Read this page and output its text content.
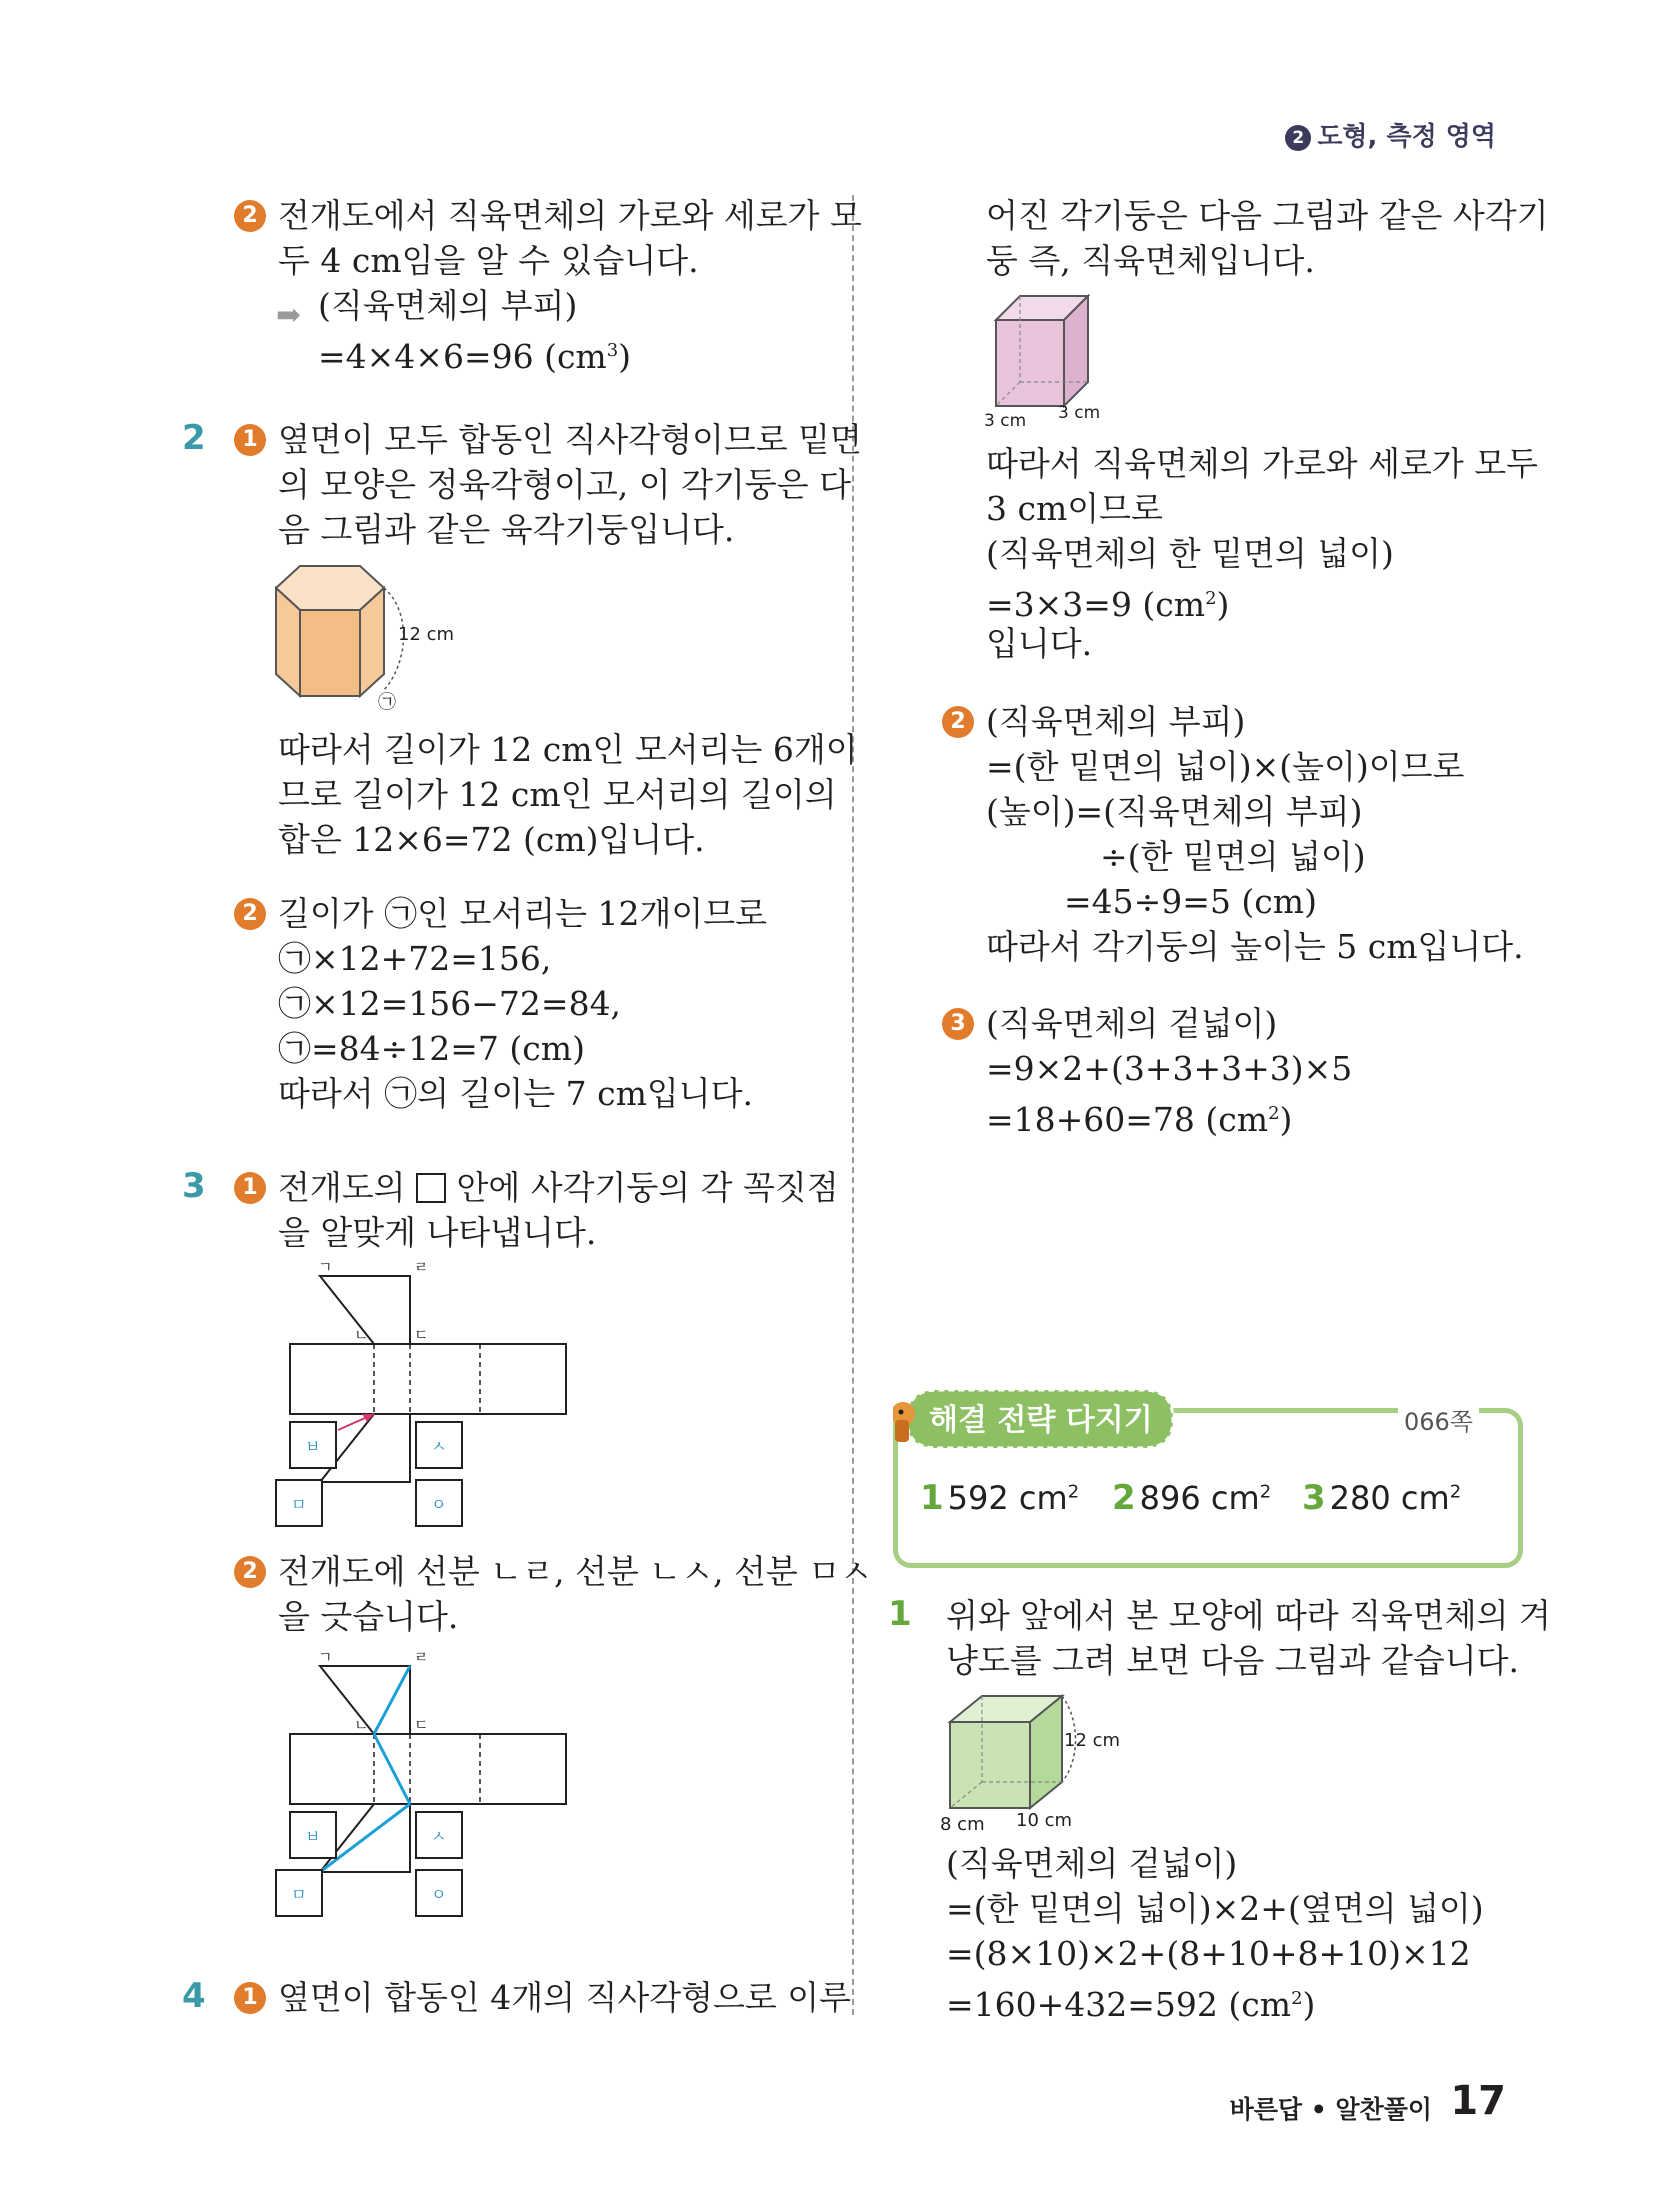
2 도형, 측정 영역
2 전개도에서 직육면체의 가로와 세로가 모
두 4 cm임을 알 수 있습니다.
➡ (직육면체의 부피)
=4×4×6=96 $(cm^3)$
2	1 옆면이 모두 합동인 직사각형이므로 밑면
의 모양은 정육각형이고, 이 각기둥은 다
음 그림과 같은 육각기둥입니다.
12 cm
㉠
따라서 길이가 12 cm인 모서리는 6개이
므로 길이가 12 cm인 모서리의 길이의
합은 12×6=72 (cm)입니다.
2 길이가 ㉠인 모서리는 12개이므로
㉠×12+72=156,
㉠×12=156−72=84,
㉠=84÷12=7 (cm)
따라서 ㉠의 길이는 7 cm입니다.
3	1 전개도의 안에 사각기둥의 각 꼭짓점
을 알맞게 나타냅니다.
ㄱ	ㄹ
ㄴ	ㄷ
ㅂ	ㅅ
ㅁ	ㅇ
2 전개도에 선분 ㄴㄹ, 선분 ㄴㅅ, 선분 ㅁㅅ
을 긋습니다.
ㄱ	ㄹ
ㄴ	ㄷ
ㅂ	ㅅ
ㅁ	ㅇ
4	1 옆면이 합동인 4개의 직사각형으로 이루
어진 각기둥은 다음 그림과 같은 사각기
둥 즉, 직육면체입니다.
3 cm 3 cm
따라서 직육면체의 가로와 세로가 모두
3 cm이므로
(직육면체의 한 밑면의 넓이)
=3×3=9 $(cm^2)$
입니다.
2 (직육면체의 부피)
=(한 밑면의 넓이)×(높이)이므로
(높이)=(직육면체의 부피)
÷(한 밑면의 넓이)
=45÷9=5 (cm)
따라서 각기둥의 높이는 5 cm입니다.
3 (직육면체의 겉넓이)
=9×2+(3+3+3+3)×5
=18+60=78 $(cm^2)$
해결 전략 다지기	066쪽
1 592 $cm^2$ 2 896 $cm^2$ 3 280 $cm^2$
1 위와 앞에서 본 모양에 따라 직육면체의 겨
냥도를 그려 보면 다음 그림과 같습니다.
12 cm
8 cm 10 cm
(직육면체의 겉넓이)
=(한 밑면의 넓이)×2+(옆면의 넓이)
=(8×10)×2+(8+10+8+10)×12
=160+432=592 $(cm^2)$
바른답 • 알찬풀이 17
